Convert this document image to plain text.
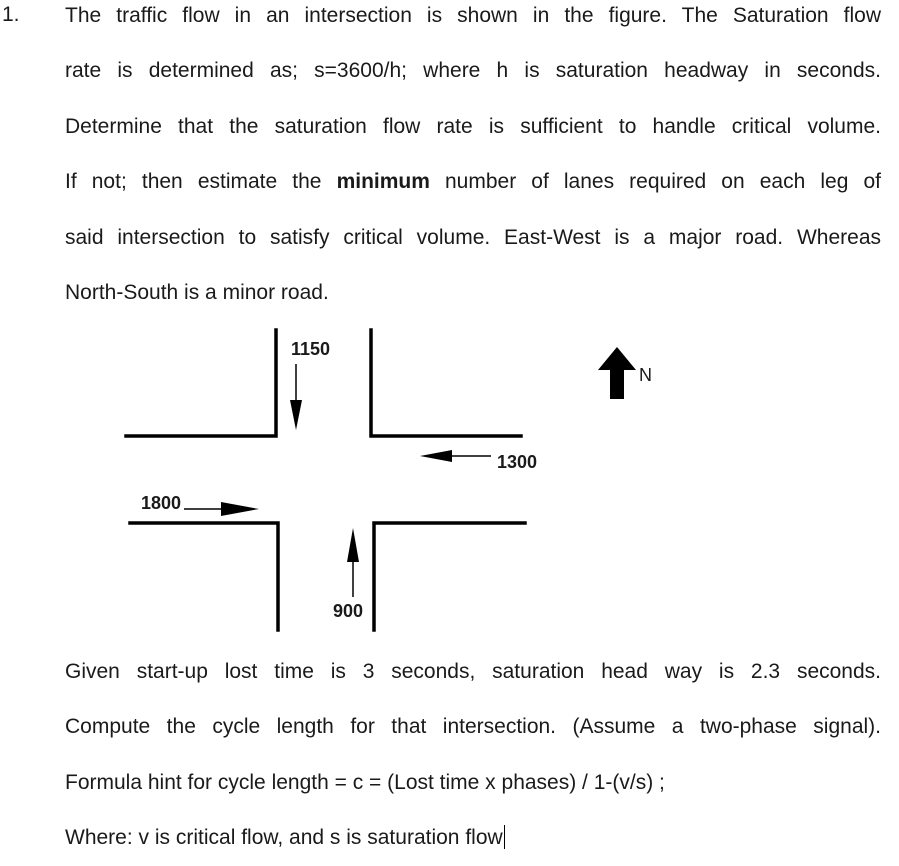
1. The traffic flow in an intersection is shown in the figure. The Saturation flow
rate is determined as; s=3600/h; where h is saturation headway in seconds.
Determine that the saturation flow rate is sufficient to handle critical volume.
If not; then estimate the minimum number of lanes required on each leg of
said intersection to satisfy critical volume. East-West is a major road. Whereas
North-South is a minor road.
1150
1300
1800
900
N
Given start-up lost time is 3 seconds, saturation head way is 2.3 seconds.
Compute the cycle length for that intersection. (Assume a two-phase signal).
Formula hint for cycle length = c = (Lost time x phases) / 1-(v/s) ;
Where: v is critical flow, and s is saturation flow
